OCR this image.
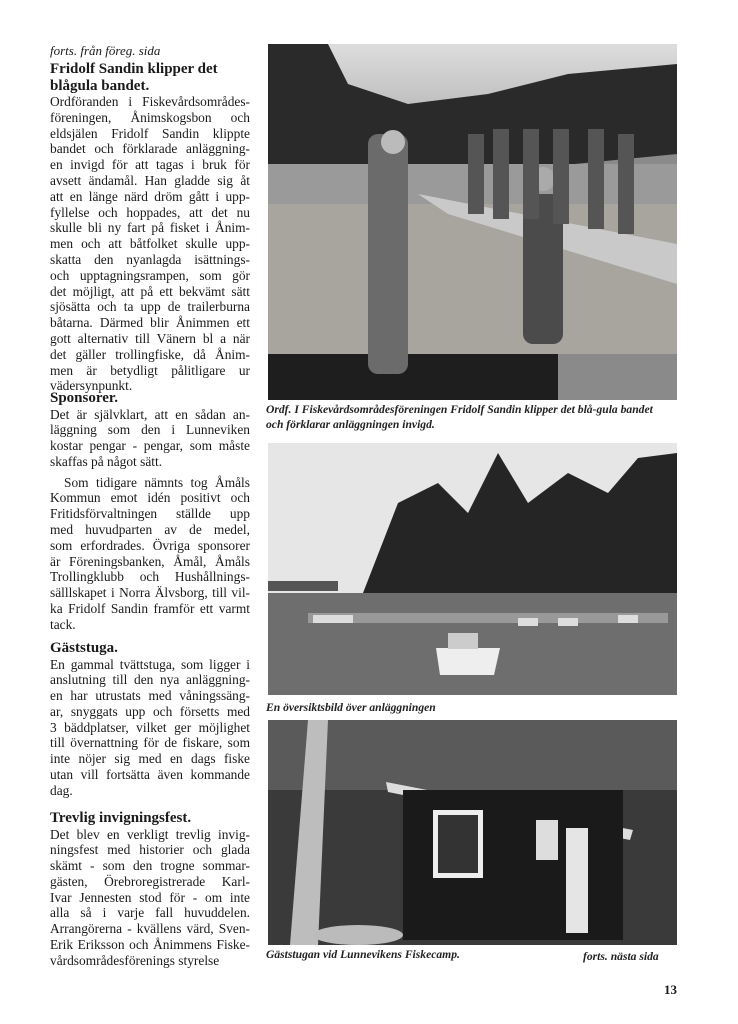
forts. från föreg. sida
Fridolf Sandin klipper det
blågula bandet.
Ordföranden i Fiskevårdsområdes-
föreningen, Ånimskogsbon och
eldsjälen Fridolf Sandin klippte
bandet och förklarade anläggning-
en invigd för att tagas i bruk för
avsett ändamål. Han gladde sig åt
att en länge närd dröm gått i upp-
fyllelse och hoppades, att det nu
skulle bli ny fart på fisket i Ånim-
men och att båtfolket skulle upp-
skatta den nyanlagda isättnings-
och upptagningsrampen, som gör
det möjligt, att på ett bekvämt sätt
sjösätta och ta upp de trailerburna
båtarna. Därmed blir Ånimmen ett
gott alternativ till Vänern bl a när
det gäller trollingfiske, då Ånim-
men är betydligt pålitligare ur
vädersynpunkt.
Sponsorer.
Det är självklart, att en sådan an-
läggning som den i Lunneviken
kostar pengar - pengar, som måste
skaffas på något sätt.
Som tidigare nämnts tog Åmåls
Kommun emot idén positivt och
Fritidsförvaltningen ställde upp
med huvudparten av de medel,
som erfordrades. Övriga sponsorer
är Föreningsbanken, Åmål, Åmåls
Trollingklubb och Hushållnings-
sälllskapet i Norra Älvsborg, till vil-
ka Fridolf Sandin framför ett varmt
tack.
Gäststuga.
En gammal tvättstuga, som ligger i
anslutning till den nya anläggning-
en har utrustats med våningssäng-
ar, snyggats upp och försetts med
3 bäddplatser, vilket ger möjlighet
till övernattning för de fiskare, som
inte nöjer sig med en dags fiske
utan vill fortsätta även kommande
dag.
Trevlig invigningsfest.
Det blev en verkligt trevlig invig-
ningsfest med historier och glada
skämt - som den trogne sommar-
gästen, Örebroregistrerade Karl-
Ivar Jennesten stod för - om inte
alla så i varje fall huvuddelen.
Arrangörerna - kvällens värd, Sven-
Erik Eriksson och Ånimmens Fiske-
vårdsområdesförenings styrelse
Ordf. I Fiskevårdsområdesföreningen Fridolf Sandin klipper det blå-gula bandet
och förklarar anläggningen invigd.
En översiktsbild över anläggningen
Gäststugan vid Lunnevikens Fiskecamp.	forts. nästa sida
13
